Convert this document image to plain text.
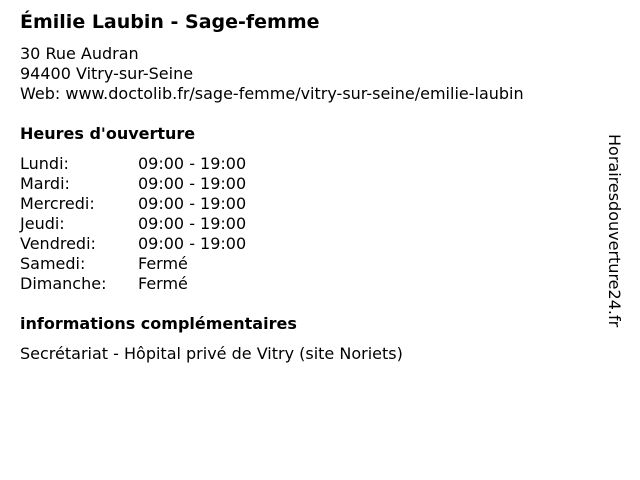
Émilie Laubin - Sage-femme
30 Rue Audran
94400 Vitry-sur-Seine
Web: www.doctolib.fr/sage-femme/vitry-sur-seine/emilie-laubin
Heures d'ouverture
Lundi:	09:00 - 19:00
Mardi:	09:00 - 19:00
Mercredi:	09:00 - 19:00
Jeudi:	09:00 - 19:00
Vendredi:	09:00 - 19:00
Samedi:	Fermé
Dimanche: Fermé
informations complémentaires
Secrétariat - Hôpital privé de Vitry (site Noriets)
Horairesdouverture24.fr
